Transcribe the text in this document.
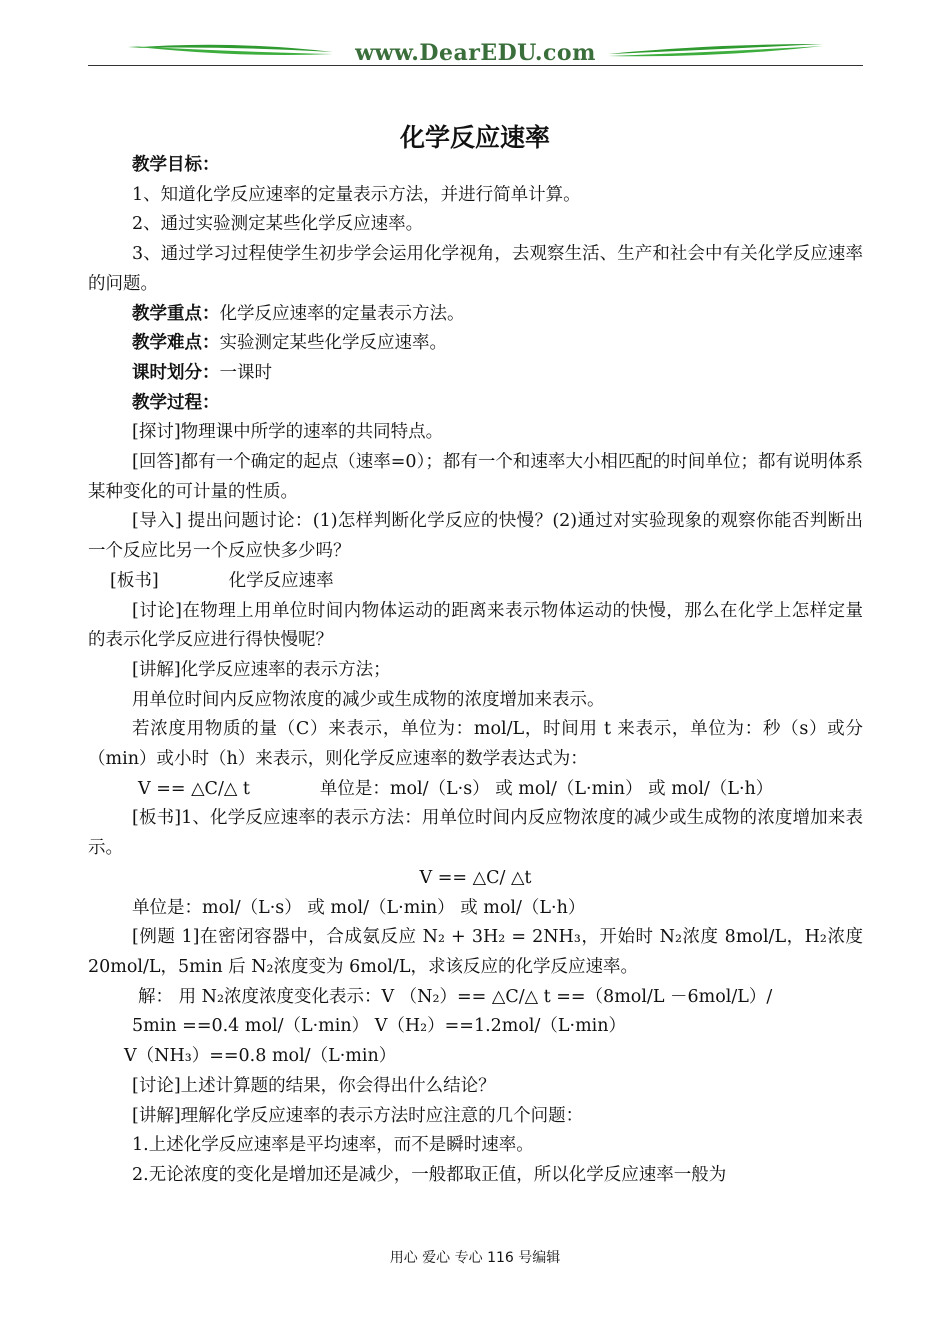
www.DearEDU.com
化学反应速率

教学目标：

1、知道化学反应速率的定量表示方法，并进行简单计算。

2、通过实验测定某些化学反应速率。

3、通过学习过程使学生初步学会运用化学视角，去观察生活、生产和社会中有关化学反应速率的问题。

教学重点：化学反应速率的定量表示方法。

教学难点：实验测定某些化学反应速率。

课时划分：一课时

教学过程：

[探讨]物理课中所学的速率的共同特点。

[回答]都有一个确定的起点（速率=0）；都有一个和速率大小相匹配的时间单位；都有说明体系某种变化的可计量的性质。

[导入] 提出问题讨论：(1)怎样判断化学反应的快慢？(2)通过对实验现象的观察你能否判断出一个反应比另一个反应快多少吗？

[板书]	化学反应速率

[讨论]在物理上用单位时间内物体运动的距离来表示物体运动的快慢，那么在化学上怎样定量的表示化学反应进行得快慢呢？

[讲解]化学反应速率的表示方法；

用单位时间内反应物浓度的减少或生成物的浓度增加来表示。

若浓度用物质的量（C）来表示，单位为：mol/L，时间用 t 来表示，单位为：秒（s）或分（min）或小时（h）来表示，则化学反应速率的数学表达式为：

V == △C/△ t	单位是：mol/（L·s） 或 mol/（L·min） 或 mol/（L·h）

[板书]1、化学反应速率的表示方法：用单位时间内反应物浓度的减少或生成物的浓度增加来表示。

V == △C/ △t

单位是：mol/（L·s） 或 mol/（L·min） 或 mol/（L·h）

[例题 1]在密闭容器中，合成氨反应 N₂ + 3H₂ = 2NH₃，开始时 N₂浓度 8mol/L，H₂浓度 20mol/L，5min 后 N₂浓度变为 6mol/L，求该反应的化学反应速率。

解： 用 N₂浓度浓度变化表示：V （N₂）== △C/△ t ==（8mol/L －6mol/L）/

5min ==0.4 mol/（L·min） V（H₂）==1.2mol/（L·min）

V（NH₃）==0.8 mol/（L·min）

[讨论]上述计算题的结果，你会得出什么结论？

[讲解]理解化学反应速率的表示方法时应注意的几个问题：

1.上述化学反应速率是平均速率，而不是瞬时速率。

2.无论浓度的变化是增加还是减少，一般都取正值，所以化学反应速率一般为

用心 爱心 专心 116 号编辑
